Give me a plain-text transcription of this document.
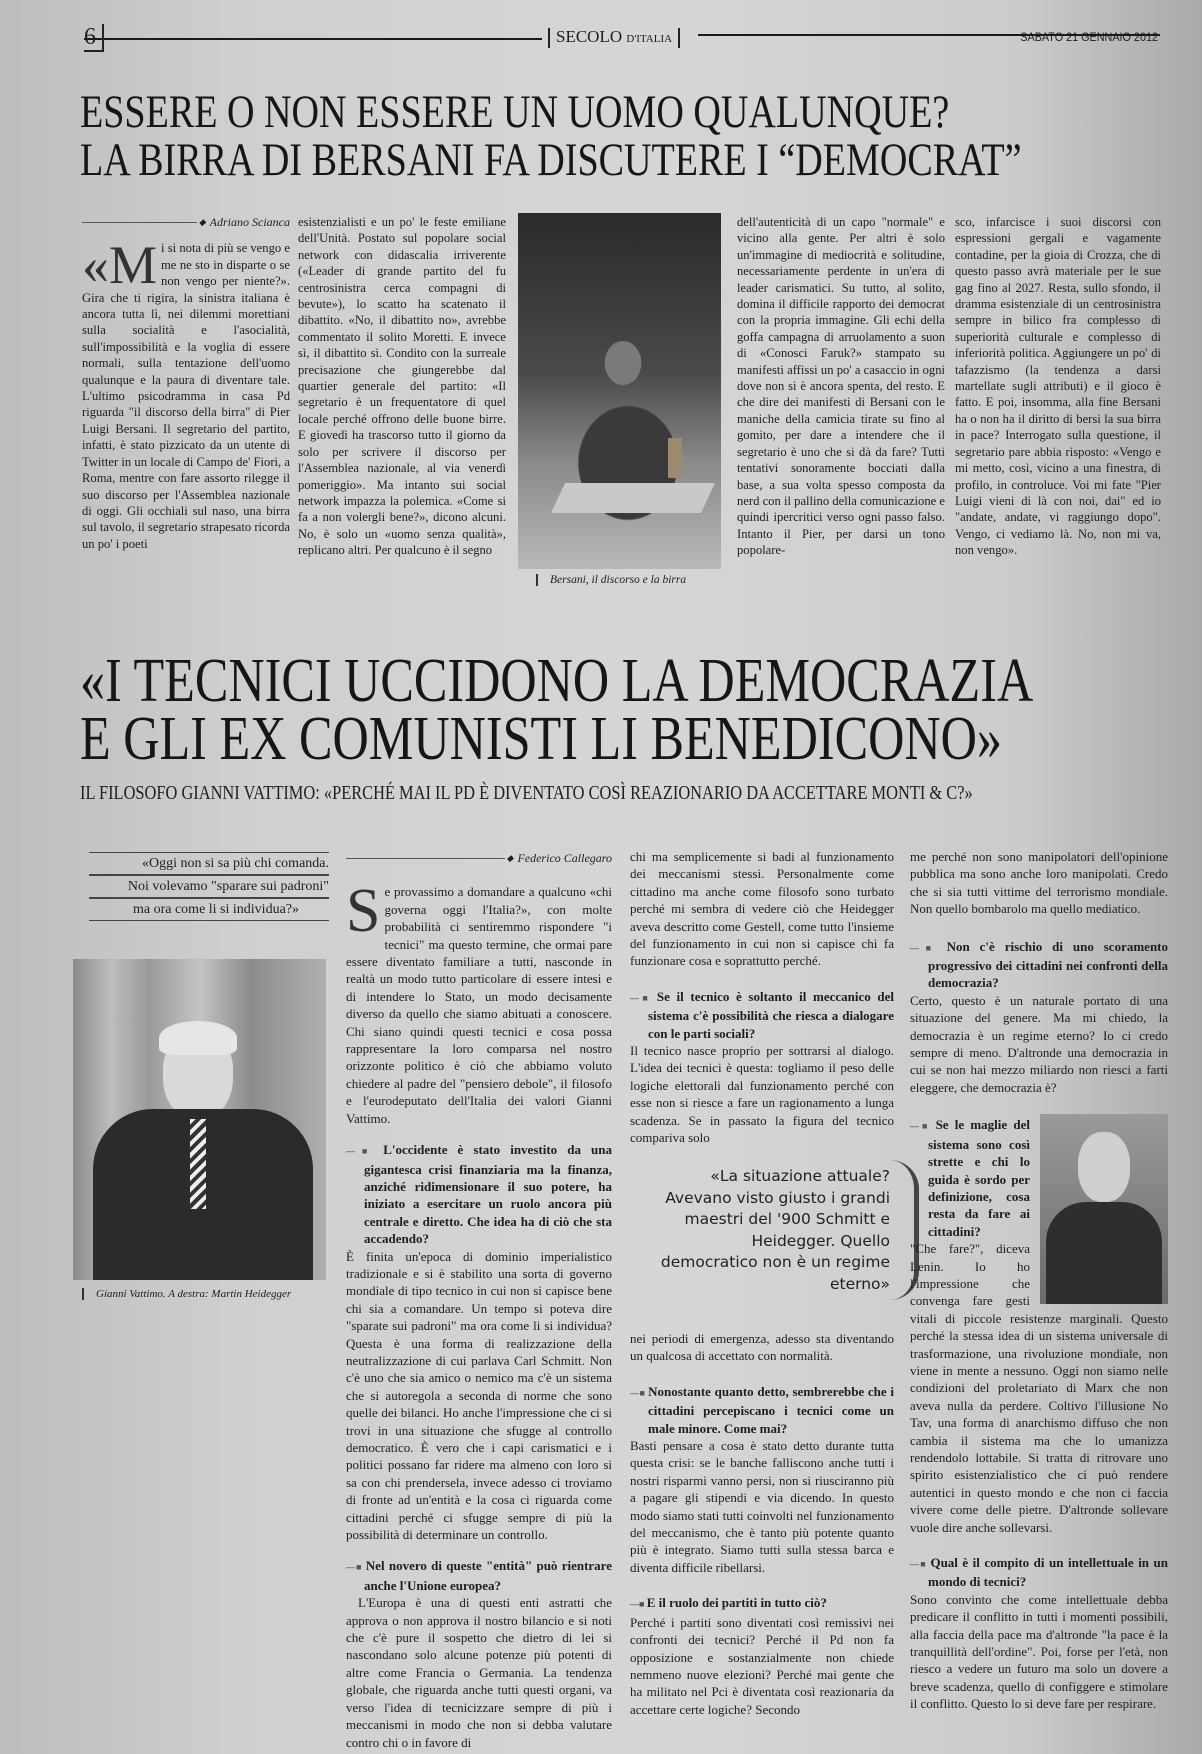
6	SECOLO D'ITALIA	SABATO 21 GENNAIO 2012
ESSERE O NON ESSERE UN UOMO QUALUNQUE?
LA BIRRA DI BERSANI FA DISCUTERE I “DEMOCRAT”
◆ Adriano Scianca

«Mi si nota di più se vengo e me ne sto in disparte o se non vengo per niente?». Gira che ti rigira, la sinistra italiana è ancora tutta lì, nei dilemmi morettiani sulla socialità e l'asocialità, sull'impossibilità e la voglia di essere normali, sulla tentazione dell'uomo qualunque e la paura di diventare tale. L'ultimo psicodramma in casa Pd riguarda "il discorso della birra" di Pier Luigi Bersani. Il segretario del partito, infatti, è stato pizzicato da un utente di Twitter in un locale di Campo de' Fiori, a Roma, mentre con fare assorto rilegge il suo discorso per l'Assemblea nazionale di oggi. Gli occhiali sul naso, una birra sul tavolo, il segretario strapesato ricorda un po' i poeti

esistenzialisti e un po' le feste emiliane dell'Unità. Postato sul popolare social network con didascalia irriverente («Leader di grande partito del fu centrosinistra cerca compagni di bevute»), lo scatto ha scatenato il dibattito. «No, il dibattito no», avrebbe commentato il solito Moretti. E invece sì, il dibattito sì. Condito con la surreale precisazione che giungerebbe dal quartier generale del partito: «Il segretario è un frequentatore di quel locale perché offrono delle buone birre. E giovedì ha trascorso tutto il giorno da solo per scrivere il discorso per l'Assemblea nazionale, al via venerdì pomeriggio». Ma intanto sui social network impazza la polemica. «Come si fa a non volergli bene?», dicono alcuni. No, è solo un «uomo senza qualità», replicano altri. Per qualcuno è il segno

Bersani, il discorso e la birra

dell'autenticità di un capo "normale" e vicino alla gente. Per altri è solo un'immagine di mediocrità e solitudine, necessariamente perdente in un'era di leader carismatici. Su tutto, al solito, domina il difficile rapporto dei democrat con la propria immagine. Gli echi della goffa campagna di arruolamento a suon di «Conosci Faruk?» stampato su manifesti affissi un po' a casaccio in ogni dove non si è ancora spenta, del resto. E che dire dei manifesti di Bersani con le maniche della camicia tirate su fino al gomito, per dare a intendere che il segretario è uno che si dà da fare? Tutti tentativi sonoramente bocciati dalla base, a sua volta spesso composta da nerd con il pallino della comunicazione e quindi ipercritici verso ogni passo falso. Intanto il Pier, per darsi un tono popolare-

sco, infarcisce i suoi discorsi con espressioni gergali e vagamente contadine, per la gioia di Crozza, che di questo passo avrà materiale per le sue gag fino al 2027. Resta, sullo sfondo, il dramma esistenziale di un centrosinistra sempre in bilico fra complesso di superiorità culturale e complesso di inferiorità politica. Aggiungere un po' di tafazzismo (la tendenza a darsi martellate sugli attributi) e il gioco è fatto. E poi, insomma, alla fine Bersani ha o non ha il diritto di bersi la sua birra in pace? Interrogato sulla questione, il segretario pare abbia risposto: «Vengo e mi metto, così, vicino a una finestra, di profilo, in controluce. Voi mi fate "Pier Luigi vieni di là con noi, dai" ed io "andate, andate, vi raggiungo dopo". Vengo, ci vediamo là. No, non mi va, non vengo».

«I TECNICI UCCIDONO LA DEMOCRAZIA
E GLI EX COMUNISTI LI BENEDICONO»
IL FILOSOFO GIANNI VATTIMO: «PERCHÉ MAI IL PD È DIVENTATO COSÌ REAZIONARIO DA ACCETTARE MONTI & C?»
«Oggi non si sa più chi comanda.
Noi volevamo "sparare sui padroni"
ma ora come li si individua?»
Gianni Vattimo. A destra: Martin Heidegger
◆ Federico Callegaro

Se provassimo a domandare a qualcuno «chi governa oggi l'Italia?», con molte probabilità ci sentiremmo rispondere "i tecnici" ma questo termine, che ormai pare essere diventato familiare a tutti, nasconde in realtà un modo tutto particolare di essere intesi e di intendere lo Stato, un modo decisamente diverso da quello che siamo abituati a conoscere. Chi siano quindi questi tecnici e cosa possa rappresentare la loro comparsa nel nostro orizzonte politico è ciò che abbiamo voluto chiedere al padre del "pensiero debole", il filosofo e l'eurodeputato dell'Italia dei valori Gianni Vattimo.

—■ L'occidente è stato investito da una gigantesca crisi finanziaria ma la finanza, anziché ridimensionare il suo potere, ha iniziato a esercitare un ruolo ancora più centrale e diretto. Che idea ha di ciò che sta accadendo?

È finita un'epoca di dominio imperialistico tradizionale e si è stabilito una sorta di governo mondiale di tipo tecnico in cui non si capisce bene chi sia a comandare. Un tempo si poteva dire "sparate sui padroni" ma ora come li si individua? Questa è una forma di realizzazione della neutralizzazione di cui parlava Carl Schmitt. Non c'è uno che sia amico o nemico ma c'è un sistema che si autoregola a seconda di norme che sono quelle dei bilanci. Ho anche l'impressione che ci si trovi in una situazione che sfugge al controllo democratico. È vero che i capi carismatici e i politici possano far ridere ma almeno con loro si sa con chi prendersela, invece adesso ci troviamo di fronte ad un'entità e la cosa ci riguarda come cittadini perché ci sfugge sempre di più la possibilità di determinare un controllo.

—■ Nel novero di queste "entità" può rientrare anche l'Unione europea?

L'Europa è una di questi enti astratti che approva o non approva il nostro bilancio e si noti che c'è pure il sospetto che dietro di lei si nascondano solo alcune potenze più potenti di altre come Francia o Germania. La tendenza globale, che riguarda anche tutti questi organi, va verso l'idea di tecnicizzare sempre di più i meccanismi in modo che non si debba valutare contro chi o in favore di

chi ma semplicemente si badi al funzionamento dei meccanismi stessi. Personalmente come cittadino ma anche come filosofo sono turbato perché mi sembra di vedere ciò che Heidegger aveva descritto come Gestell, come tutto l'insieme del funzionamento in cui non si capisce chi fa funzionare cosa e soprattutto perché.

—■ Se il tecnico è soltanto il meccanico del sistema c'è possibilità che riesca a dialogare con le parti sociali?

Il tecnico nasce proprio per sottrarsi al dialogo. L'idea dei tecnici è questa: togliamo il peso delle logiche elettorali dal funzionamento perché con esse non si riesce a fare un ragionamento a lunga scadenza. Se in passato la figura del tecnico compariva solo

«La situazione attuale? Avevano visto giusto i grandi maestri del '900 Schmitt e Heidegger. Quello democratico non è un regime eterno»

nei periodi di emergenza, adesso sta diventando un qualcosa di accettato con normalità.

—■ Nonostante quanto detto, sembrerebbe che i cittadini percepiscano i tecnici come un male minore. Come mai?

Basti pensare a cosa è stato detto durante tutta questa crisi: se le banche falliscono anche tutti i nostri risparmi vanno persi, non si riusciranno più a pagare gli stipendi e via dicendo. In questo modo siamo stati tutti coinvolti nel funzionamento del meccanismo, che è tanto più potente quanto più è integrato. Siamo tutti sulla stessa barca e diventa difficile ribellarsi.

—■ E il ruolo dei partiti in tutto ciò?

Perché i partiti sono diventati così remissivi nei confronti dei tecnici? Perché il Pd non fa opposizione e sostanzialmente non chiede nemmeno nuove elezioni? Perché mai gente che ha militato nel Pci è diventata così reazionaria da accettare certe logiche? Secondo

me perché non sono manipolatori dell'opinione pubblica ma sono anche loro manipolati. Credo che si sia tutti vittime del terrorismo mondiale. Non quello bombarolo ma quello mediatico.

—■ Non c'è rischio di uno scoramento progressivo dei cittadini nei confronti della democrazia?

Certo, questo è un naturale portato di una situazione del genere. Ma mi chiedo, la democrazia è un regime eterno? Io ci credo sempre di meno. D'altronde una democrazia in cui se non hai mezzo miliardo non riesci a farti eleggere, che democrazia è?

—■ Se le maglie del sistema sono così strette e chi lo guida è sordo per definizione, cosa resta da fare ai cittadini?

"Che fare?", diceva Lenin. Io ho l'impressione che convenga fare gesti vitali di piccole resistenze marginali. Questo perché la stessa idea di un sistema universale di trasformazione, una rivoluzione mondiale, non viene in mente a nessuno. Oggi non siamo nelle condizioni del proletariato di Marx che non aveva nulla da perdere. Coltivo l'illusione No Tav, una forma di anarchismo diffuso che non cambia il sistema ma che lo umanizza rendendolo lottabile. Si tratta di ritrovare uno spirito esistenzialistico che ci può rendere autentici in questo mondo e che non ci faccia vivere come delle pietre. D'altronde sollevare vuole dire anche sollevarsi.

—■ Qual è il compito di un intellettuale in un mondo di tecnici?

Sono convinto che come intellettuale debba predicare il conflitto in tutti i momenti possibili, alla faccia della pace ma d'altronde "la pace è la tranquillità dell'ordine". Poi, forse per l'età, non riesco a vedere un futuro ma solo un dovere a breve scadenza, quello di configgere e stimolare il conflitto. Questo lo si deve fare per respirare.
